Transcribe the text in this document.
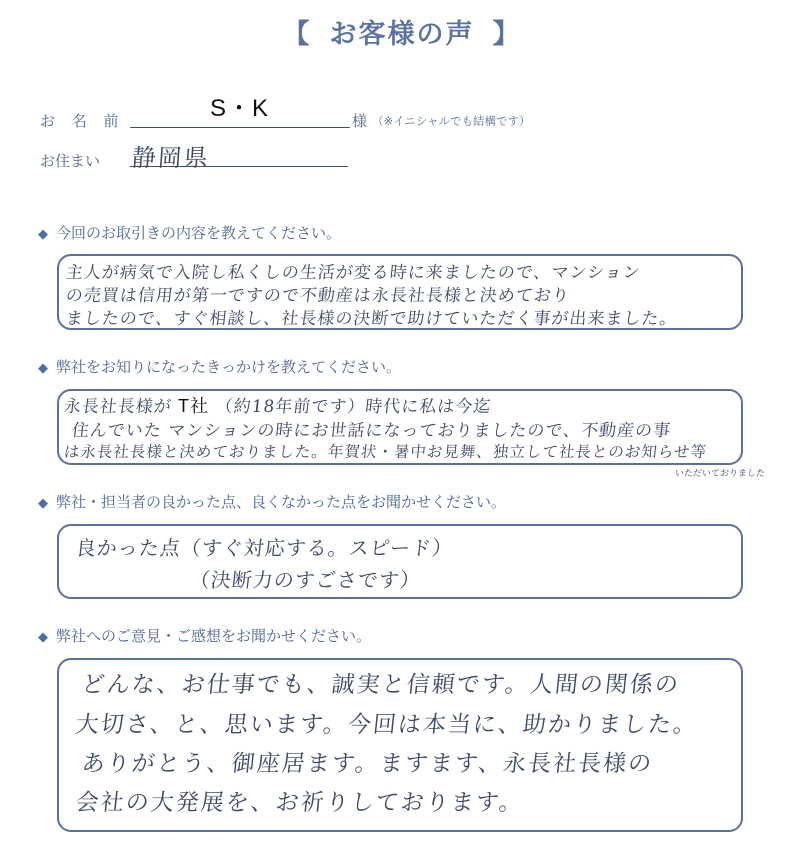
【 お客様の声 】
お 名 前	S・K	様 （※イニシャルでも結構です）
お住まい 静岡県
◆ 今回のお取引きの内容を教えてください。
主人が病気で入院し私くしの生活が変る時に来ましたので、マンション
の売買は信用が第一ですので不動産は永長社長様と決めており
ましたので、すぐ相談し、社長様の決断で助けていただく事が出来ました。
◆ 弊社をお知りになったきっかけを教えてください。
永長社長様が T社 （約18年前です）時代に私は今迄
住んでいた マンションの時にお世話になっておりましたので、不動産の事
は永長社長様と決めておりました。年賀状・暑中お見舞、独立して社長とのお知らせ等
いただいておりました
◆ 弊社・担当者の良かった点、良くなかった点をお聞かせください。
良かった点（すぐ対応する。スピード）
（決断力のすごさです）
◆ 弊社へのご意見・ご感想をお聞かせください。
どんな、お仕事でも、誠実と信頼です。人間の関係の
大切さ、と、思います。今回は本当に、助かりました。
ありがとう、御座居ます。ますます、永長社長様の
会社の大発展を、お祈りしております。
